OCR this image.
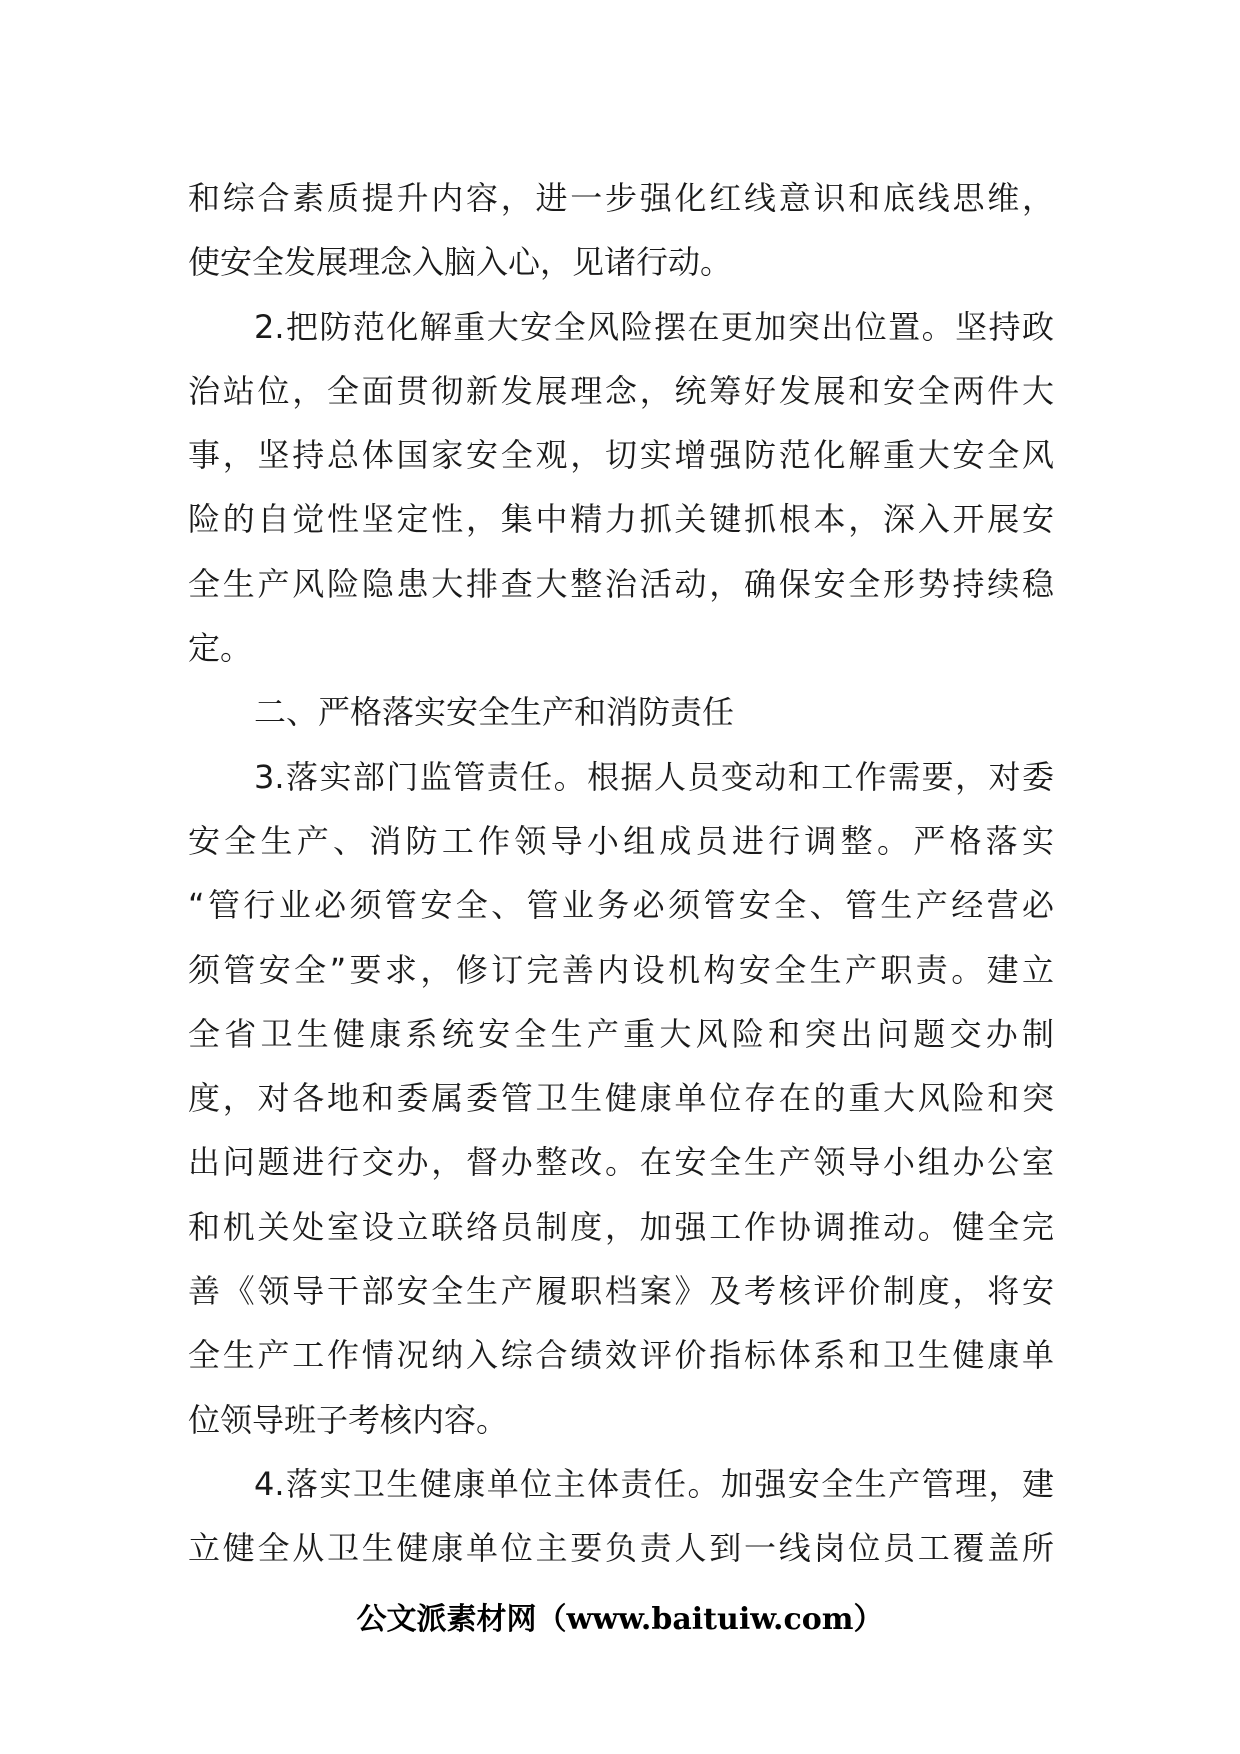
和综合素质提升内容，进一步强化红线意识和底线思维，
使安全发展理念入脑入心，见诸行动。
2.把防范化解重大安全风险摆在更加突出位置。坚持政
治站位，全面贯彻新发展理念，统筹好发展和安全两件大
事，坚持总体国家安全观，切实增强防范化解重大安全风
险的自觉性坚定性，集中精力抓关键抓根本，深入开展安
全生产风险隐患大排查大整治活动，确保安全形势持续稳
定。
二、严格落实安全生产和消防责任
3.落实部门监管责任。根据人员变动和工作需要，对委
安全生产、消防工作领导小组成员进行调整。严格落实
“管行业必须管安全、管业务必须管安全、管生产经营必
须管安全”要求，修订完善内设机构安全生产职责。建立
全省卫生健康系统安全生产重大风险和突出问题交办制
度，对各地和委属委管卫生健康单位存在的重大风险和突
出问题进行交办，督办整改。在安全生产领导小组办公室
和机关处室设立联络员制度，加强工作协调推动。健全完
善《领导干部安全生产履职档案》及考核评价制度，将安
全生产工作情况纳入综合绩效评价指标体系和卫生健康单
位领导班子考核内容。
4.落实卫生健康单位主体责任。加强安全生产管理，建
立健全从卫生健康单位主要负责人到一线岗位员工覆盖所
公文派素材网（www.baituiw.com）
